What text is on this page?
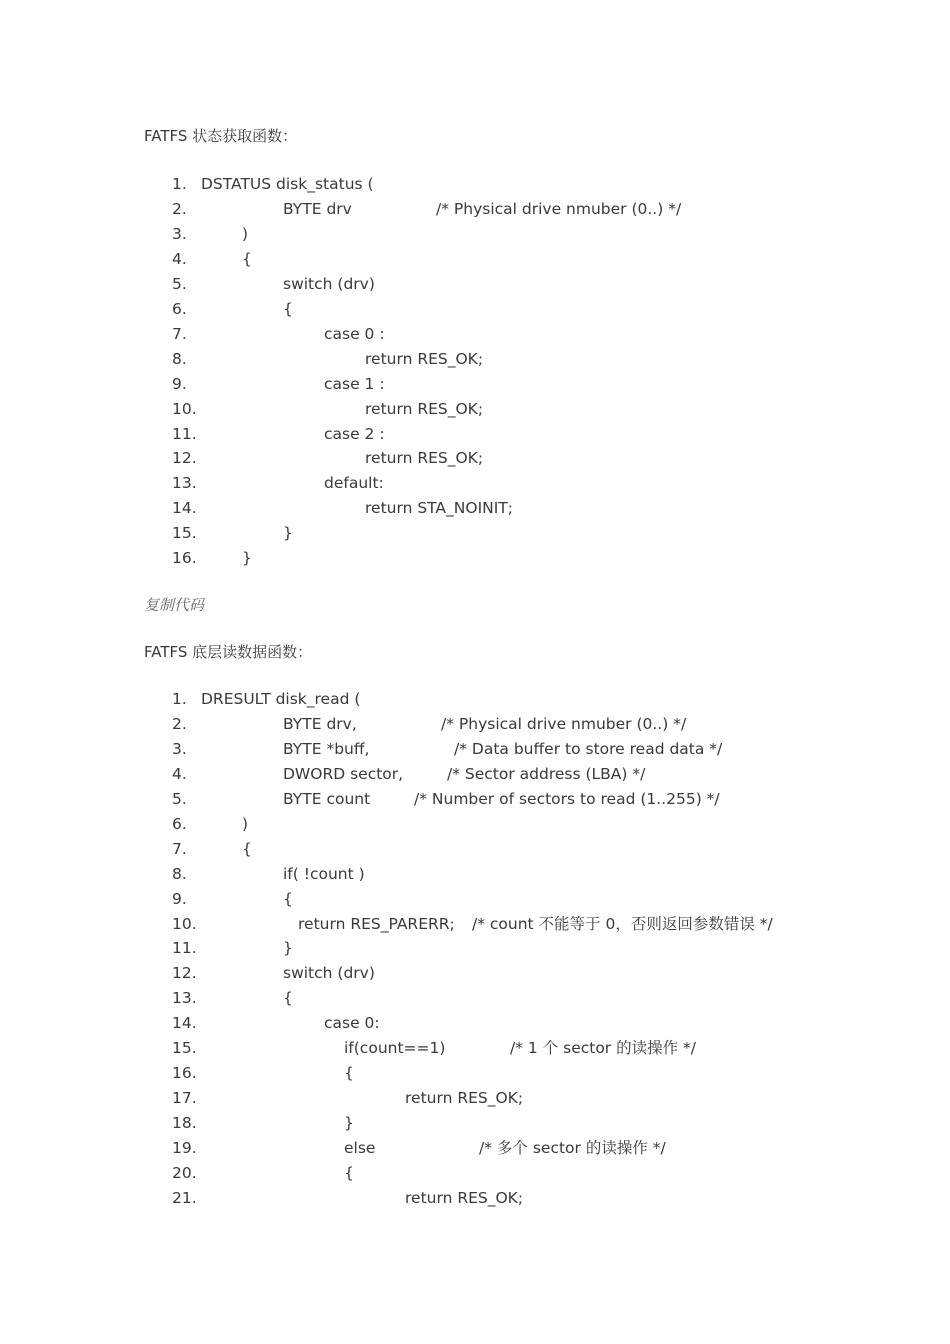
FATFS 状态获取函数：
1. DSTATUS disk_status (
2.	BYTE drv	/* Physical drive nmuber (0..) */
3.	)
4.	{
5.	switch (drv)
6.	{
7.	case 0 :
8.	return RES_OK;
9.	case 1 :
10.	return RES_OK;
11.	case 2 :
12.	return RES_OK;
13.	default:
14.	return STA_NOINIT;
15.	}
16.	}
复制代码
FATFS 底层读数据函数：
1. DRESULT disk_read (
2.	BYTE drv,	/* Physical drive nmuber (0..) */
3.	BYTE *buff,	/* Data buffer to store read data */
4.	DWORD sector,	/* Sector address (LBA) */
5.	BYTE count	/* Number of sectors to read (1..255) */
6.	)
7.	{
8.	if( !count )
9.	{
10.	return RES_PARERR; /* count 不能等于 0，否则返回参数错误 */
11.	}
12.	switch (drv)
13.	{
14.	case 0:
15.	if(count==1)	/* 1 个 sector 的读操作 */
16.	{
17.	return RES_OK;
18.	}
19.	else	/* 多个 sector 的读操作 */
20.	{
21.	return RES_OK;
